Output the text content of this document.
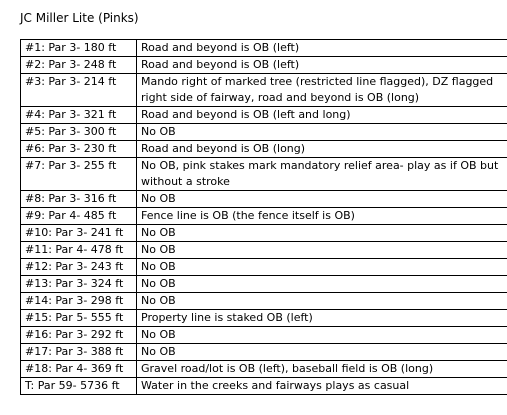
JC Miller Lite (Pinks)
#1: Par 3- 180 ft	Road and beyond is OB (left)
#2: Par 3- 248 ft	Road and beyond is OB (left)
#3: Par 3- 214 ft	Mando right of marked tree (restricted line flagged), DZ flagged right side of fairway, road and beyond is OB (long)
#4: Par 3- 321 ft	Road and beyond is OB (left and long)
#5: Par 3- 300 ft	No OB
#6: Par 3- 230 ft	Road and beyond is OB (long)
#7: Par 3- 255 ft	No OB, pink stakes mark mandatory relief area- play as if OB but without a stroke
#8: Par 3- 316 ft	No OB
#9: Par 4- 485 ft	Fence line is OB (the fence itself is OB)
#10: Par 3- 241 ft	No OB
#11: Par 4- 478 ft	No OB
#12: Par 3- 243 ft	No OB
#13: Par 3- 324 ft	No OB
#14: Par 3- 298 ft	No OB
#15: Par 5- 555 ft	Property line is staked OB (left)
#16: Par 3- 292 ft	No OB
#17: Par 3- 388 ft	No OB
#18: Par 4- 369 ft	Gravel road/lot is OB (left), baseball field is OB (long)
T: Par 59- 5736 ft	Water in the creeks and fairways plays as casual
